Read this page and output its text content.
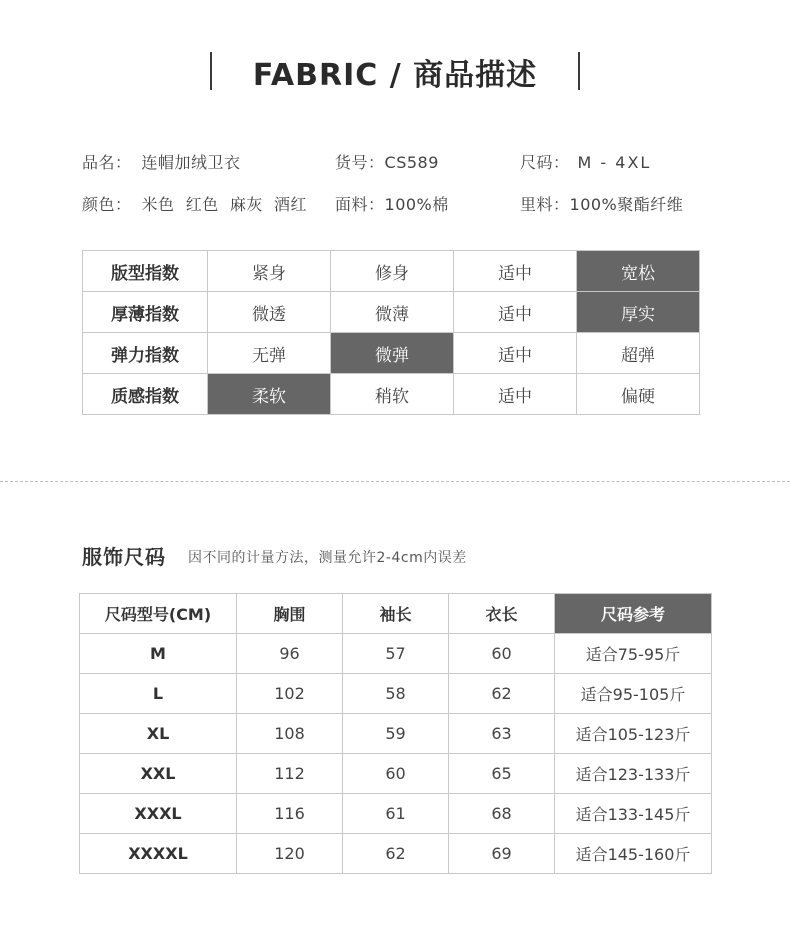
FABRIC / 商品描述
品名： 连帽加绒卫衣	货号：CS589	尺码： M - 4XL
颜色： 米色  红色  麻灰  酒红 面料：100%棉	里料：100%聚酯纤维
版型指数	紧身	修身	适中	宽松
厚薄指数	微透	微薄	适中	厚实
弹力指数	无弹	微弹	适中	超弹
质感指数	柔软	稍软	适中	偏硬
服饰尺码 因不同的计量方法，测量允许2-4cm内误差
尺码型号(CM)	胸围	袖长	衣长	尺码参考
M	96	57	60	适合75-95斤
L	102	58	62	适合95-105斤
XL	108	59	63	适合105-123斤
XXL	112	60	65	适合123-133斤
XXXL	116	61	68	适合133-145斤
XXXXL	120	62	69	适合145-160斤
